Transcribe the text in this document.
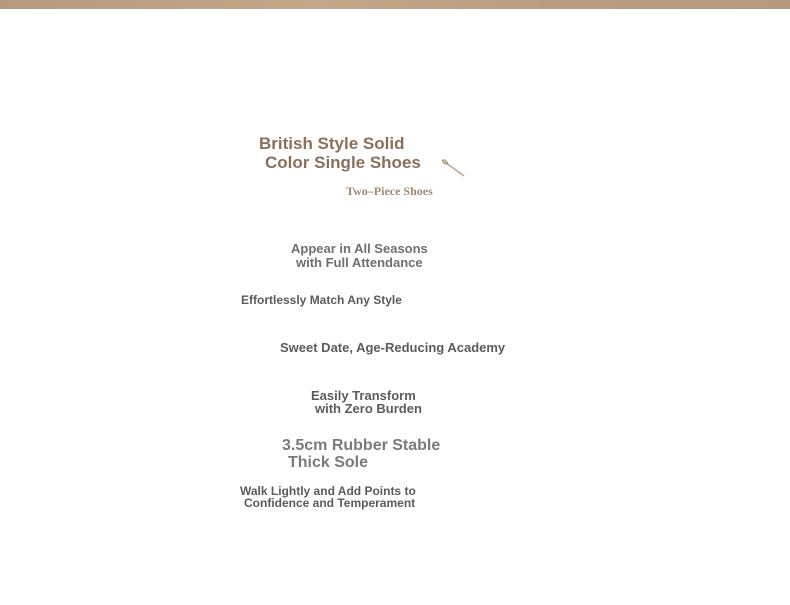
British Style Solid
Color Single Shoes
Two–Piece Shoes
Appear in All Seasons
with Full Attendance
Effortlessly Match Any Style
Sweet Date, Age-Reducing Academy
Easily Transform
with Zero Burden
3.5cm Rubber Stable
Thick Sole
Walk Lightly and Add Points to
Confidence and Temperament
